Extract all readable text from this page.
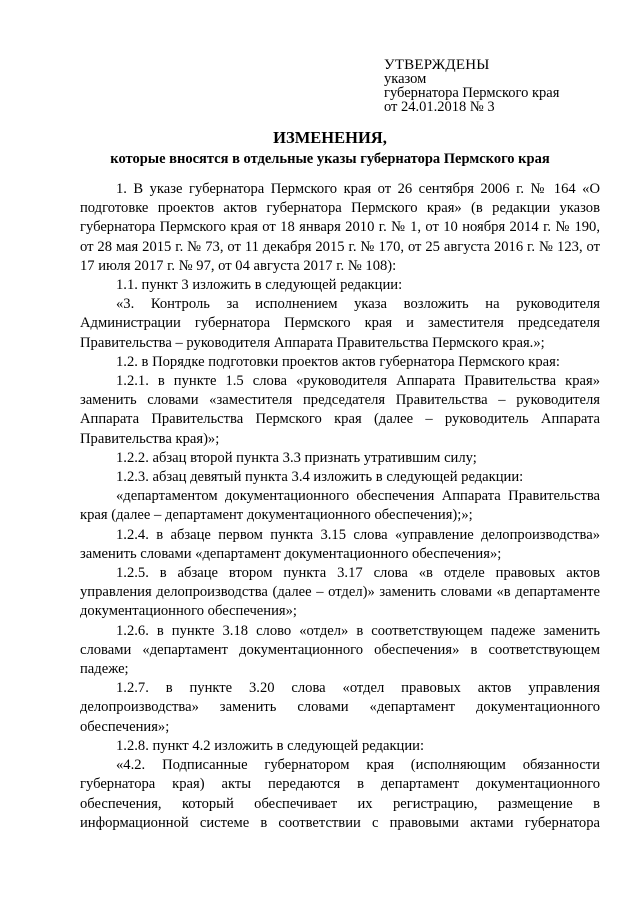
УТВЕРЖДЕНЫ
указом
губернатора Пермского края
от 24.01.2018 № 3
ИЗМЕНЕНИЯ,
которые вносятся в отдельные указы губернатора Пермского края

1. В указе губернатора Пермского края от 26 сентября 2006 г. № 164 «О подготовке проектов актов губернатора Пермского края» (в редакции указов губернатора Пермского края от 18 января 2010 г. № 1, от 10 ноября 2014 г. № 190, от 28 мая 2015 г. № 73, от 11 декабря 2015 г. № 170, от 25 августа 2016 г. № 123, от 17 июля 2017 г. № 97, от 04 августа 2017 г. № 108):

1.1. пункт 3 изложить в следующей редакции:

«3. Контроль за исполнением указа возложить на руководителя Администрации губернатора Пермского края и заместителя председателя Правительства – руководителя Аппарата Правительства Пермского края.»;

1.2. в Порядке подготовки проектов актов губернатора Пермского края:

1.2.1. в пункте 1.5 слова «руководителя Аппарата Правительства края» заменить словами «заместителя председателя Правительства – руководителя Аппарата Правительства Пермского края (далее – руководитель Аппарата Правительства края)»;

1.2.2. абзац второй пункта 3.3 признать утратившим силу;

1.2.3. абзац девятый пункта 3.4 изложить в следующей редакции:

«департаментом документационного обеспечения Аппарата Правительства края (далее – департамент документационного обеспечения);»;

1.2.4. в абзаце первом пункта 3.15 слова «управление делопроизводства» заменить словами «департамент документационного обеспечения»;

1.2.5. в абзаце втором пункта 3.17 слова «в отделе правовых актов управления делопроизводства (далее – отдел)» заменить словами «в департаменте документационного обеспечения»;

1.2.6. в пункте 3.18 слово «отдел» в соответствующем падеже заменить словами «департамент документационного обеспечения» в соответствующем падеже;

1.2.7. в пункте 3.20 слова «отдел правовых актов управления делопроизводства» заменить словами «департамент документационного обеспечения»;

1.2.8. пункт 4.2 изложить в следующей редакции:

«4.2. Подписанные губернатором края (исполняющим обязанности губернатора края) акты передаются в департамент документационного обеспечения, который обеспечивает их регистрацию, размещение в информационной системе в соответствии с правовыми актами губернатора
